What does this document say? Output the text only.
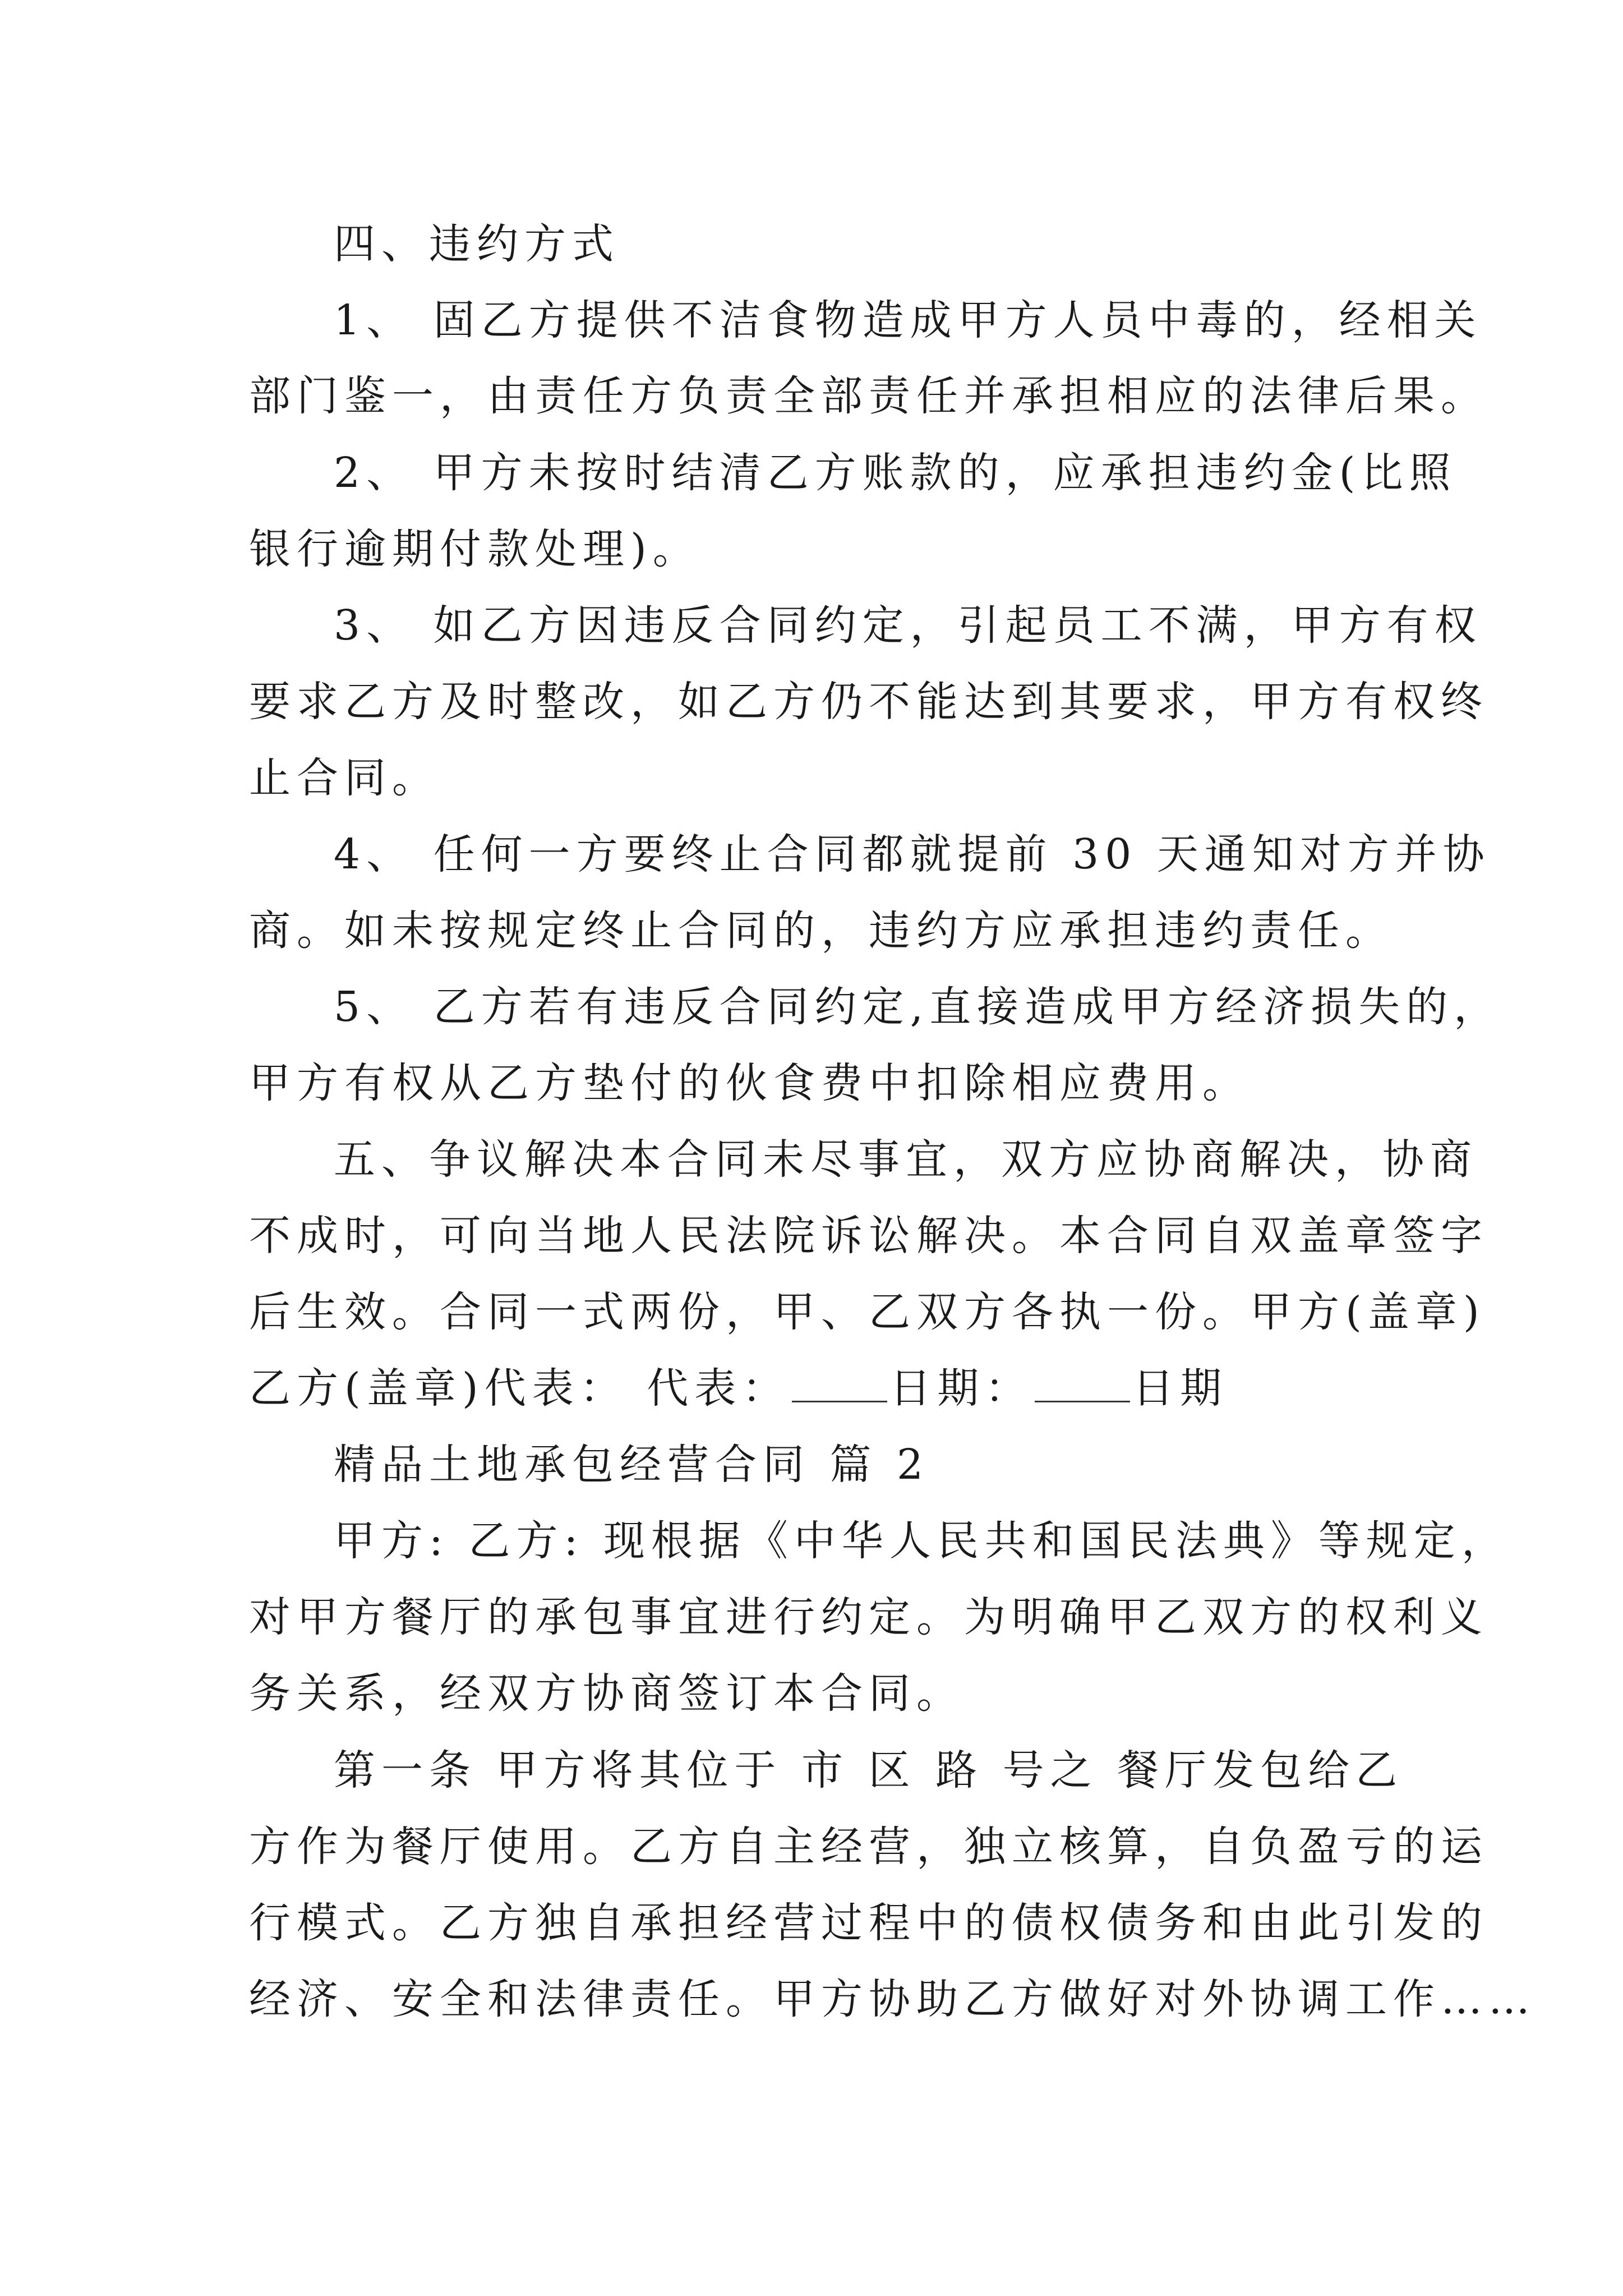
四、违约方式
1、 固乙方提供不洁食物造成甲方人员中毒的，经相关
部门鉴一，由责任方负责全部责任并承担相应的法律后果。
2、 甲方未按时结清乙方账款的，应承担违约金(比照
银行逾期付款处理)。
3、 如乙方因违反合同约定，引起员工不满，甲方有权
要求乙方及时整改，如乙方仍不能达到其要求，甲方有权终
止合同。
4、 任何一方要终止合同都就提前 30 天通知对方并协
商。如未按规定终止合同的，违约方应承担违约责任。
5、 乙方若有违反合同约定,直接造成甲方经济损失的，
甲方有权从乙方垫付的伙食费中扣除相应费用。
五、争议解决本合同未尽事宜，双方应协商解决，协商
不成时，可向当地人民法院诉讼解决。本合同自双盖章签字
后生效。合同一式两份，甲、乙双方各执一份。甲方(盖章)
乙方(盖章)代表： 代表： 日期： 日期
精品土地承包经营合同 篇 2
甲方: 乙方: 现根据《中华人民共和国民法典》等规定，
对甲方餐厅的承包事宜进行约定。为明确甲乙双方的权利义
务关系，经双方协商签订本合同。
第一条 甲方将其位于 市 区 路 号之 餐厅发包给乙
方作为餐厅使用。乙方自主经营，独立核算，自负盈亏的运
行模式。乙方独自承担经营过程中的债权债务和由此引发的
经济、安全和法律责任。甲方协助乙方做好对外协调工作……
